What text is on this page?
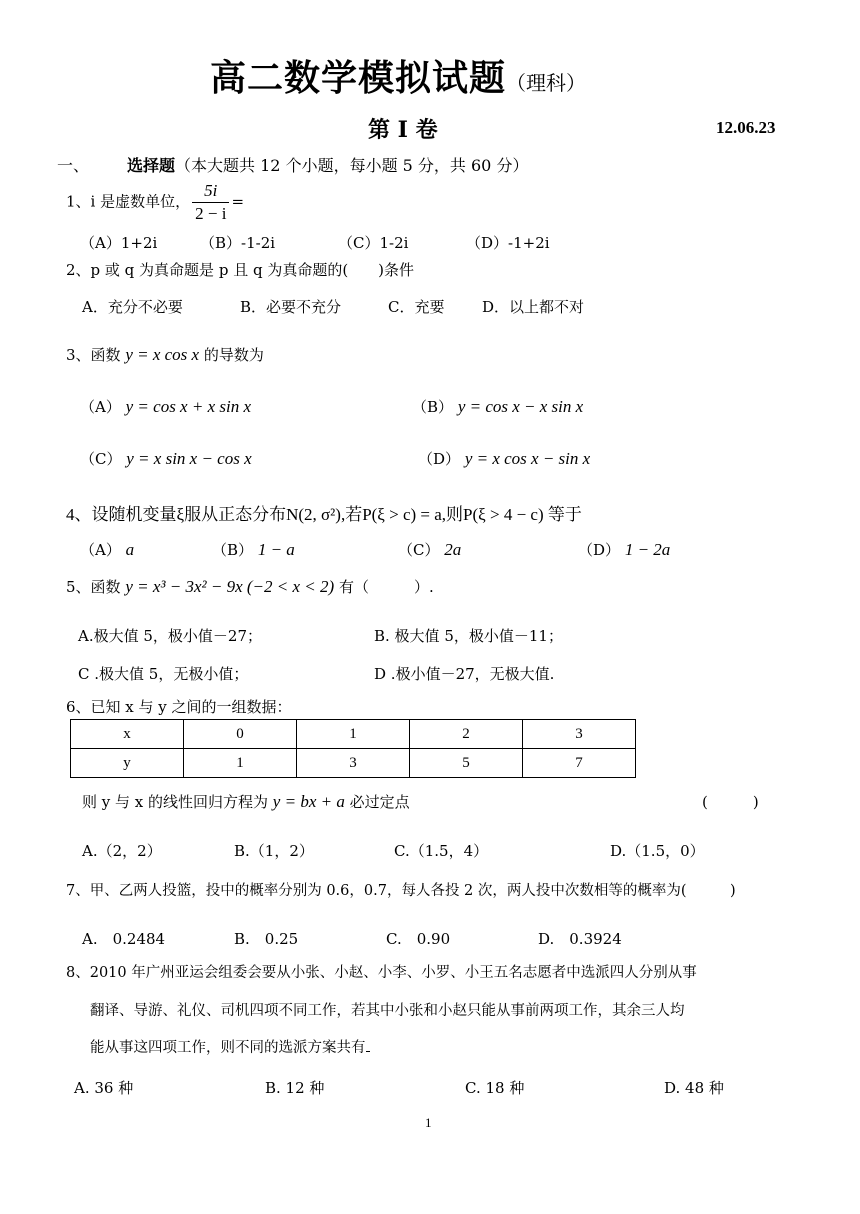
高二数学模拟试题（理科）
第 I 卷	12.06.23
一、 选择题（本大题共 12 个小题，每小题 5 分，共 60 分）
1、i 是虚数单位， $\frac{5i}{2 - i}$ =
（A）1+2i	（B）-1-2i	（C）1-2i	（D）-1+2i
2、p 或 q 为真命题是 p 且 q 为真命题的(　　)条件
A．充分不必要	B．必要不充分	C．充要	D．以上都不对
3、函数 y = x cos x 的导数为
（A） y = cos x + x sin x	（B） y = cos x − x sin x
（C） y = x sin x − cos x	（D） y = x cos x − sin x
4、设随机变量ξ服从正态分布N(2, σ²),若P(ξ > c) = a,则P(ξ > 4 − c) 等于
（A） a	（B） 1 − a	（C） 2a	（D） 1 − 2a
5、函数 y = x³ − 3x² − 9x (−2 < x < 2) 有（　　　）.
A.极大值 5，极小值－27；	B. 极大值 5，极小值－11；
C .极大值 5，无极小值；	D .极小值－27，无极大值.
6、已知 x 与 y 之间的一组数据：
x	0	1	2	3
y	1	3	5	7
则 y 与 x 的线性回归方程为 y = bx + a 必过定点	(　　　)
A.（2，2）	B.（1，2）	C.（1.5，4）	D.（1.5，0）
7、甲、乙两人投篮，投中的概率分别为 0.6，0.7，每人各投 2 次，两人投中次数相等的概率为(　　　)
A.　0.2484	B.　0.25	C.　0.90	D.　0.3924
8、2010 年广州亚运会组委会要从小张、小赵、小李、小罗、小王五名志愿者中选派四人分别从事
翻译、导游、礼仪、司机四项不同工作，若其中小张和小赵只能从事前两项工作，其余三人均
能从事这四项工作，则不同的选派方案共有
A. 36 种	B. 12 种	C. 18 种	D. 48 种
1
